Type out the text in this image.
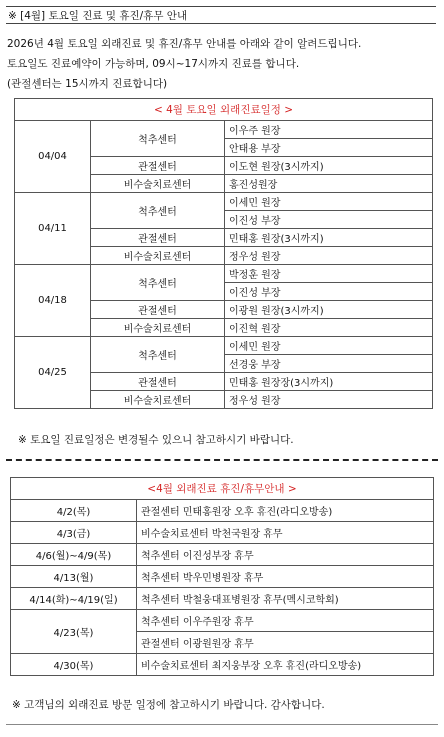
※ [4월] 토요일 진료 및 휴진/휴무 안내
2026년 4월 토요일 외래진료 및 휴진/휴무 안내를 아래와 같이 알려드립니다.
토요일도 진료예약이 가능하며, 09시~17시까지 진료를 합니다.
(관절센터는 15시까지 진료합니다)
< 4월 토요일 외래진료일정 >		
04/04	척추센터	이우주 원장
		안태용 부장
	관절센터	이도현 원장(3시까지)
	비수술치료센터	홍진성원장
04/11	척추센터	이세민 원장
		이진성 부장
	관절센터	민태홍 원장(3시까지)
	비수술치료센터	정우성 원장
04/18	척추센터	박정훈 원장
		이진성 부장
	관절센터	이광원 원장(3시까지)
	비수술치료센터	이진혁 원장
04/25	척추센터	이세민 원장
		선경웅 부장
	관절센터	민태홍 원장장(3시까지)
	비수술치료센터	정우성 원장
※ 토요일 진료일정은 변경될수 있으니 참고하시기 바랍니다.
<4월 외래진료 휴진/휴무안내 >	
4/2(목)	관절센터 민태홍원장 오후 휴진(라디오방송)
4/3(금)	비수술치료센터 박천국원장 휴무
4/6(월)~4/9(목)	척추센터 이진성부장 휴무
4/13(월)	척추센터 박우민병원장 휴무
4/14(화)~4/19(일)	척추센터 박철웅대표병원장 휴무(멕시코학회)
4/23(목)	척추센터 이우주원장 휴무
	관절센터 이광원원장 휴무
4/30(목)	비수술치료센터 최지웅부장 오후 휴진(라디오방송)
※ 고객님의 외래진료 방문 일정에 참고하시기 바랍니다. 감사합니다.
